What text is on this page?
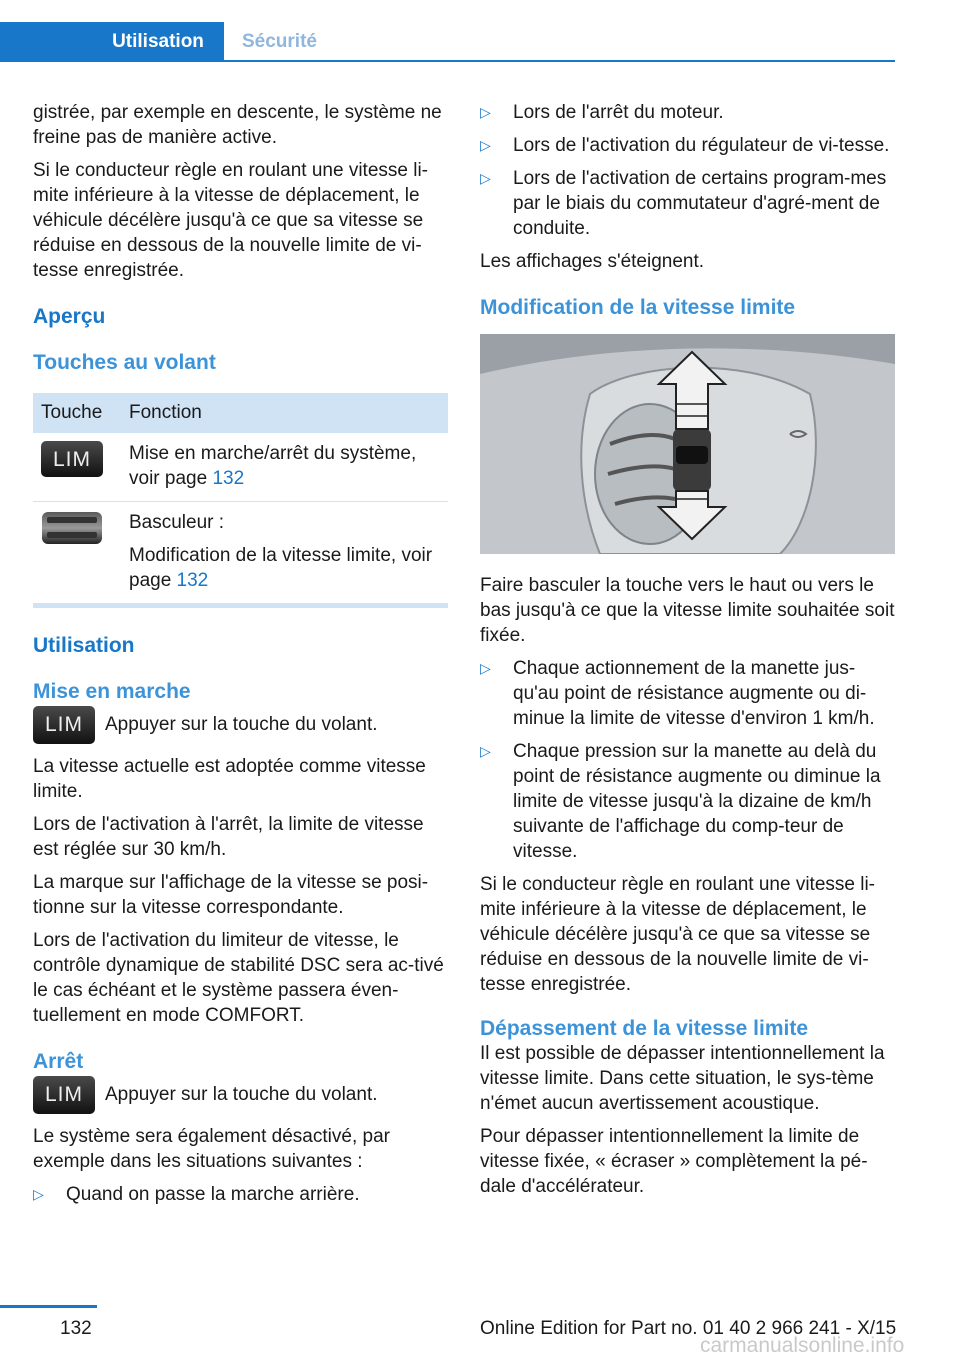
Utilisation Sécurité

gistrée, par exemple en descente, le système ne freine pas de manière active.

Si le conducteur règle en roulant une vitesse li-mite inférieure à la vitesse de déplacement, le véhicule décélère jusqu'à ce que sa vitesse se réduise en dessous de la nouvelle limite de vi-tesse enregistrée.

Aperçu
Touches au volant
Touche	Fonction

LIM	Mise en marche/arrêt du système, voir page 132

Basculeur :
Modification de la vitesse limite, voir page 132
Utilisation
Mise en marche
LIM	Appuyer sur la touche du volant.

La vitesse actuelle est adoptée comme vitesse limite.

Lors de l'activation à l'arrêt, la limite de vitesse est réglée sur 30 km/h.

La marque sur l'affichage de la vitesse se posi-tionne sur la vitesse correspondante.

Lors de l'activation du limiteur de vitesse, le contrôle dynamique de stabilité DSC sera ac-tivé le cas échéant et le système passera éven-tuellement en mode COMFORT.

Arrêt
LIM	Appuyer sur la touche du volant.

Le système sera également désactivé, par exemple dans les situations suivantes :

▷	Quand on passe la marche arrière.
▷	Lors de l'arrêt du moteur.
▷	Lors de l'activation du régulateur de vi-tesse.
▷	Lors de l'activation de certains program-mes par le biais du commutateur d'agré-ment de conduite.

Les affichages s'éteignent.

Modification de la vitesse limite

Faire basculer la touche vers le haut ou vers le bas jusqu'à ce que la vitesse limite souhaitée soit fixée.

▷	Chaque actionnement de la manette jus-qu'au point de résistance augmente ou di-minue la limite de vitesse d'environ 1 km/h.
▷	Chaque pression sur la manette au delà du point de résistance augmente ou diminue la limite de vitesse jusqu'à la dizaine de km/h suivante de l'affichage du comp-teur de vitesse.

Si le conducteur règle en roulant une vitesse li-mite inférieure à la vitesse de déplacement, le véhicule décélère jusqu'à ce que sa vitesse se réduise en dessous de la nouvelle limite de vi-tesse enregistrée.

Dépassement de la vitesse limite

Il est possible de dépasser intentionnellement la vitesse limite. Dans cette situation, le sys-tème n'émet aucun avertissement acoustique.

Pour dépasser intentionnellement la limite de vitesse fixée, « écraser » complètement la pé-dale d'accélérateur.

132	Online Edition for Part no. 01 40 2 966 241 - X/15
carmanualsonline.info
